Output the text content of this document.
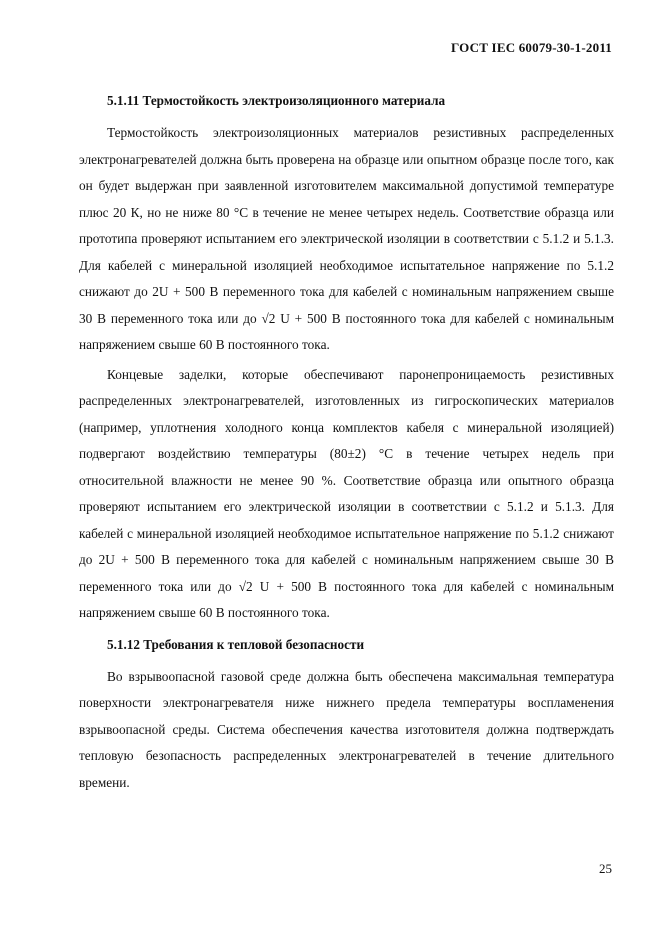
ГОСТ IEC 60079-30-1-2011
5.1.11 Термостойкость электроизоляционного материала

Термостойкость электроизоляционных материалов резистивных распределенных электронагревателей должна быть проверена на образце или опытном образце после того, как он будет выдержан при заявленной изготовителем максимальной допустимой температуре плюс 20 К, но не ниже 80 °С в течение не менее четырех недель. Соответствие образца или прототипа проверяют испытанием его электрической изоляции в соответствии с 5.1.2 и 5.1.3. Для кабелей с минеральной изоляцией необходимое испытательное напряжение по 5.1.2 снижают до 2U + 500 В переменного тока для кабелей с номинальным напряжением свыше 30 В переменного тока или до √2 U + 500 В постоянного тока для кабелей с номинальным напряжением свыше 60 В постоянного тока.

Концевые заделки, которые обеспечивают паронепроницаемость резистивных распределенных электронагревателей, изготовленных из гигроскопических материалов (например, уплотнения холодного конца комплектов кабеля с минеральной изоляцией) подвергают воздействию температуры (80±2) °С в течение четырех недель при относительной влажности не менее 90 %. Соответствие образца или опытного образца проверяют испытанием его электрической изоляции в соответствии с 5.1.2 и 5.1.3. Для кабелей с минеральной изоляцией необходимое испытательное напряжение по 5.1.2 снижают до 2U + 500 В переменного тока для кабелей с номинальным напряжением свыше 30 В переменного тока или до √2 U + 500 В постоянного тока для кабелей с номинальным напряжением свыше 60 В постоянного тока.

5.1.12 Требования к тепловой безопасности

Во взрывоопасной газовой среде должна быть обеспечена максимальная температура поверхности электронагревателя ниже нижнего предела температуры воспламенения взрывоопасной среды. Система обеспечения качества изготовителя должна подтверждать тепловую безопасность распределенных электронагревателей в течение длительного времени.

25
